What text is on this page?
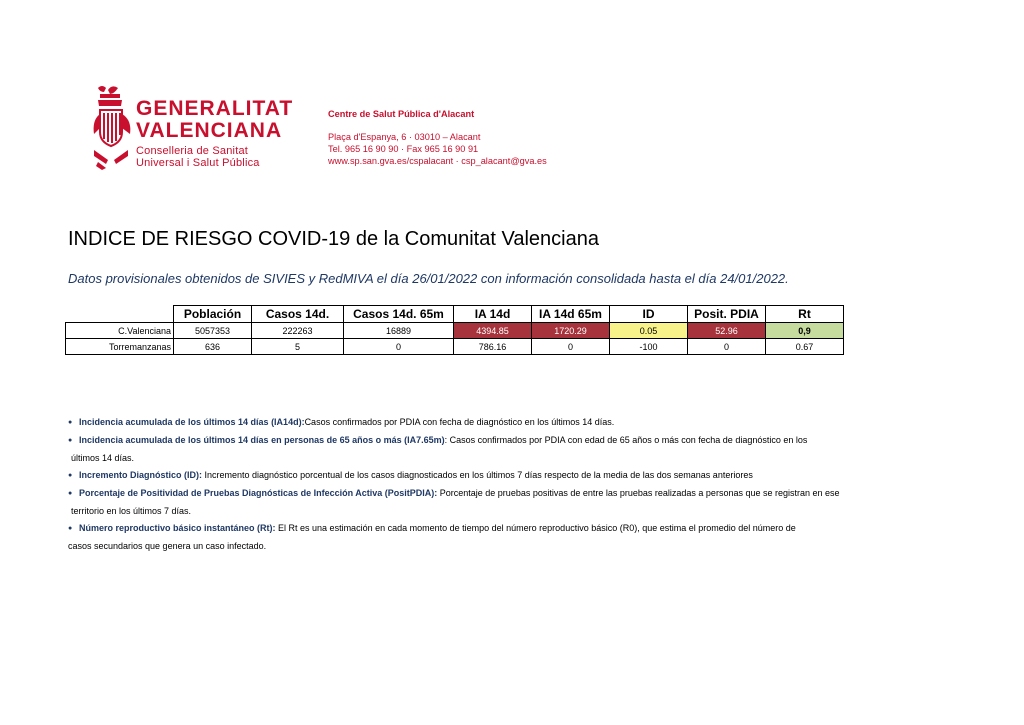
GENERALITAT
VALENCIANA
Conselleria de Sanitat
Universal i Salut Pública
Centre de Salut Pública d'Alacant
Plaça d'Espanya, 6 · 03010 – Alacant
Tel. 965 16 90 90 · Fax 965 16 90 91
www.sp.san.gva.es/cspalacant · csp_alacant@gva.es
INDICE DE RIESGO COVID-19 de la Comunitat Valenciana
Datos provisionales obtenidos de SIVIES y RedMIVA el día 26/01/2022 con información consolidada hasta el día 24/01/2022.
	Población	Casos 14d.	Casos 14d. 65m	IA 14d	IA 14d 65m	ID	Posit. PDIA	Rt
C.Valenciana	5057353	222263	16889	4394.85	1720.29	0.05	52.96	0,9
Torremanzanas	636	5	0	786.16	0	-100	0	0.67

● Incidencia acumulada de los últimos 14 días (IA14d):Casos confirmados por PDIA con fecha de diagnóstico en los últimos 14 días.

● Incidencia acumulada de los últimos 14 días en personas de 65 años o más (IA7.65m): Casos confirmados por PDIA con edad de 65 años o más con fecha de diagnóstico en los
últimos 14 días.

● Incremento Diagnóstico (ID): Incremento diagnóstico porcentual de los casos diagnosticados en los últimos 7 días respecto de la media de las dos semanas anteriores

● Porcentaje de Positividad de Pruebas Diagnósticas de Infección Activa (PositPDIA): Porcentaje de pruebas positivas de entre las pruebas realizadas a personas que se registran en ese
territorio en los últimos 7 días.

● Número reproductivo básico instantáneo (Rt): El Rt es una estimación en cada momento de tiempo del número reproductivo básico (R0), que estima el promedio del número de
casos secundarios que genera un caso infectado.
